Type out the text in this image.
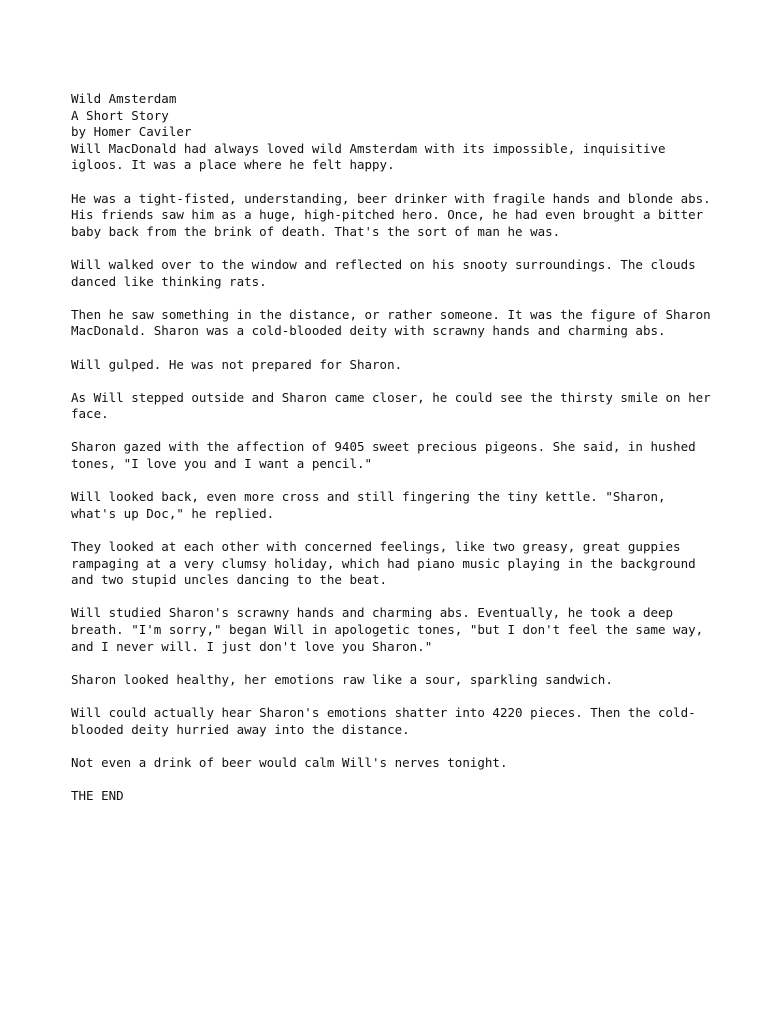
Wild Amsterdam
A Short Story
by Homer Caviler
Will MacDonald had always loved wild Amsterdam with its impossible, inquisitive igloos. It was a place where he felt happy.
He was a tight-fisted, understanding, beer drinker with fragile hands and blonde abs. His friends saw him as a huge, high-pitched hero. Once, he had even brought a bitter baby back from the brink of death. That's the sort of man he was.
Will walked over to the window and reflected on his snooty surroundings. The clouds danced like thinking rats.
Then he saw something in the distance, or rather someone. It was the figure of Sharon MacDonald. Sharon was a cold-blooded deity with scrawny hands and charming abs.
Will gulped. He was not prepared for Sharon.
As Will stepped outside and Sharon came closer, he could see the thirsty smile on her face.
Sharon gazed with the affection of 9405 sweet precious pigeons. She said, in hushed tones, "I love you and I want a pencil."
Will looked back, even more cross and still fingering the tiny kettle. "Sharon, what's up Doc," he replied.
They looked at each other with concerned feelings, like two greasy, great guppies rampaging at a very clumsy holiday, which had piano music playing in the background and two stupid uncles dancing to the beat.
Will studied Sharon's scrawny hands and charming abs. Eventually, he took a deep breath. "I'm sorry," began Will in apologetic tones, "but I don't feel the same way, and I never will. I just don't love you Sharon."
Sharon looked healthy, her emotions raw like a sour, sparkling sandwich.
Will could actually hear Sharon's emotions shatter into 4220 pieces. Then the cold-blooded deity hurried away into the distance.
Not even a drink of beer would calm Will's nerves tonight.
THE END
